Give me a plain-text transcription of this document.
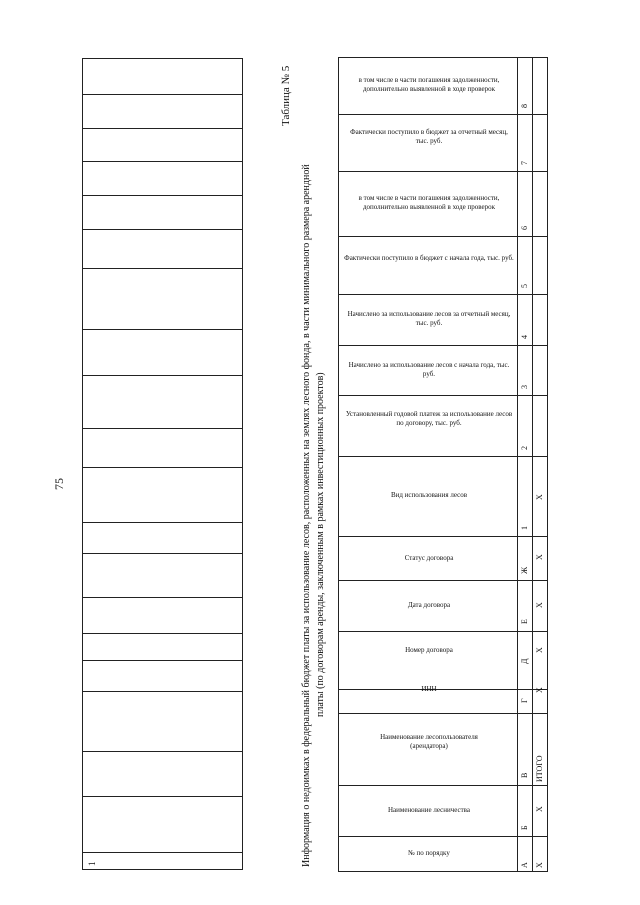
75
1
Таблица № 5
Информация о недоимках в федеральный бюджет платы за использование лесов, расположенных на землях лесного фонда, в части минимального размера арендной платы (по договорам аренды, заключенным в рамках инвестиционных проектов)
в том числе в части погашения задолженности, дополнительно выявленной в ходе проверок
8
Фактически поступило в бюджет за отчетный месяц, тыс. руб.
7
в том числе в части погашения задолженности, дополнительно выявленной в ходе проверок
6
Фактически поступило в бюджет с начала года, тыс. руб.
5
Начислено за использование лесов за отчетный месяц, тыс. руб.
4
Начислено за использование лесов с начала года, тыс. руб.
3
Установленный годовой платеж за использование лесов по договору, тыс. руб.
2
Вид использования лесов
1
Х
Статус договора
Ж
Х
Дата договора
Е
Х
Номер договора
Д
Х
ИНН
Г
Х
Наименование лесопользователя (арендатора)
В ИТОГО
Наименование лесничества
Б
Х
№ по порядку
А Х
